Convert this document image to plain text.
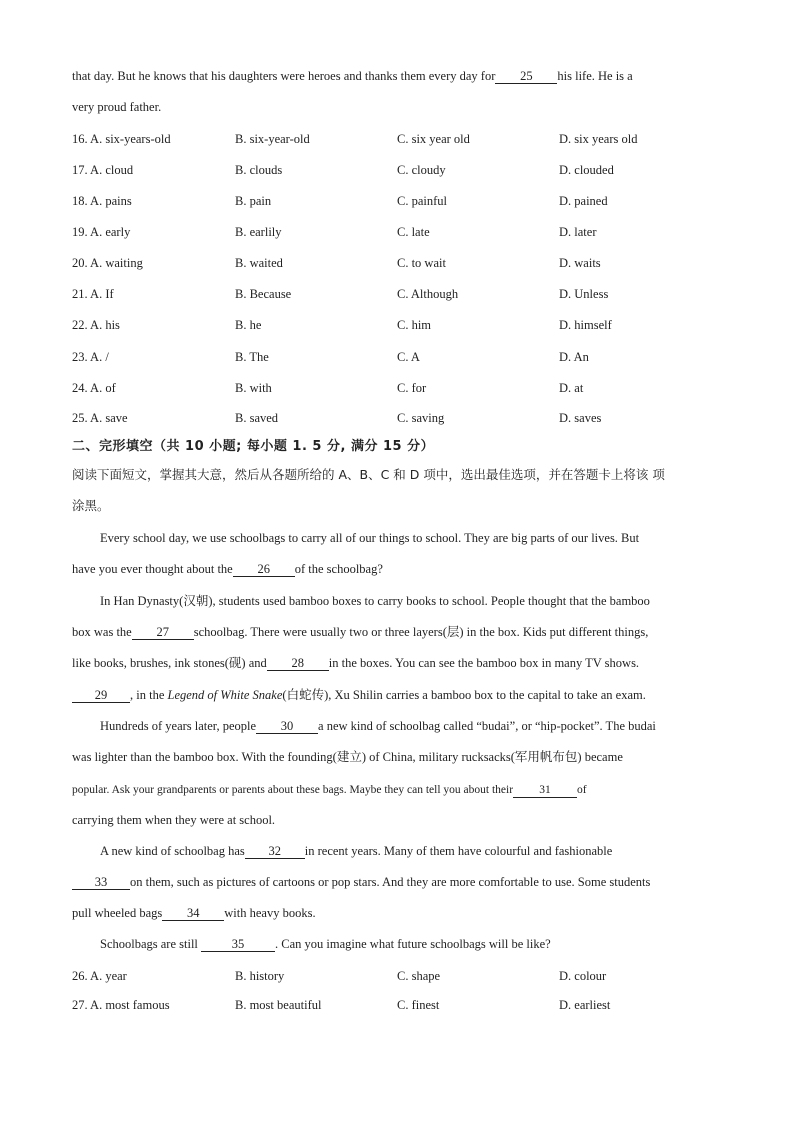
that day. But he knows that his daughters were heroes and thanks them every day for 25 his life. He is a
very proud father.
16. A. six-years-old	B. six-year-old	C. six year old	D. six years old
17. A. cloud	B. clouds	C. cloudy	D. clouded
18. A. pains	B. pain	C. painful	D. pained
19. A. early	B. earlily	C. late	D. later
20. A. waiting	B. waited	C. to wait	D. waits
21. A. If	B. Because	C. Although	D. Unless
22. A. his	B. he	C. him	D. himself
23. A. /	B. The	C. A	D. An
24. A. of	B. with	C. for	D. at
25. A. save	B. saved	C. saving	D. saves
二、完形填空（共 10 小题; 每小题 1. 5 分, 满分 15 分）
阅读下面短文，掌握其大意，然后从各题所给的 A、B、C 和 D 项中，选出最佳选项，并在答题卡上将该 项
涂黑。
Every school day, we use schoolbags to carry all of our things to school. They are big parts of our lives. But
have you ever thought about the 26 of the schoolbag?
In Han Dynasty(汉朝), students used bamboo boxes to carry books to school. People thought that the bamboo
box was the 27 schoolbag. There were usually two or three layers(层) in the box. Kids put different things,
like books, brushes, ink stones(砚) and 28 in the boxes. You can see the bamboo box in many TV shows.
29 , in the Legend of White Snake(白蛇传), Xu Shilin carries a bamboo box to the capital to take an exam.
Hundreds of years later, people 30 a new kind of schoolbag called “budai”, or “hip-pocket”. The budai
was lighter than the bamboo box. With the founding(建立) of China, military rucksacks(军用帆布包) became
popular. Ask your grandparents or parents about these bags. Maybe they can tell you about their 31 of
carrying them when they were at school.
A new kind of schoolbag has 32 in recent years. Many of them have colourful and fashionable
33 on them, such as pictures of cartoons or pop stars. And they are more comfortable to use. Some students
pull wheeled bags 34 with heavy books.
Schoolbags are still	35 . Can you imagine what future schoolbags will be like?
26. A. year	B. history	C. shape	D. colour
27. A. most famous	B. most beautiful	C. finest	D. earliest
